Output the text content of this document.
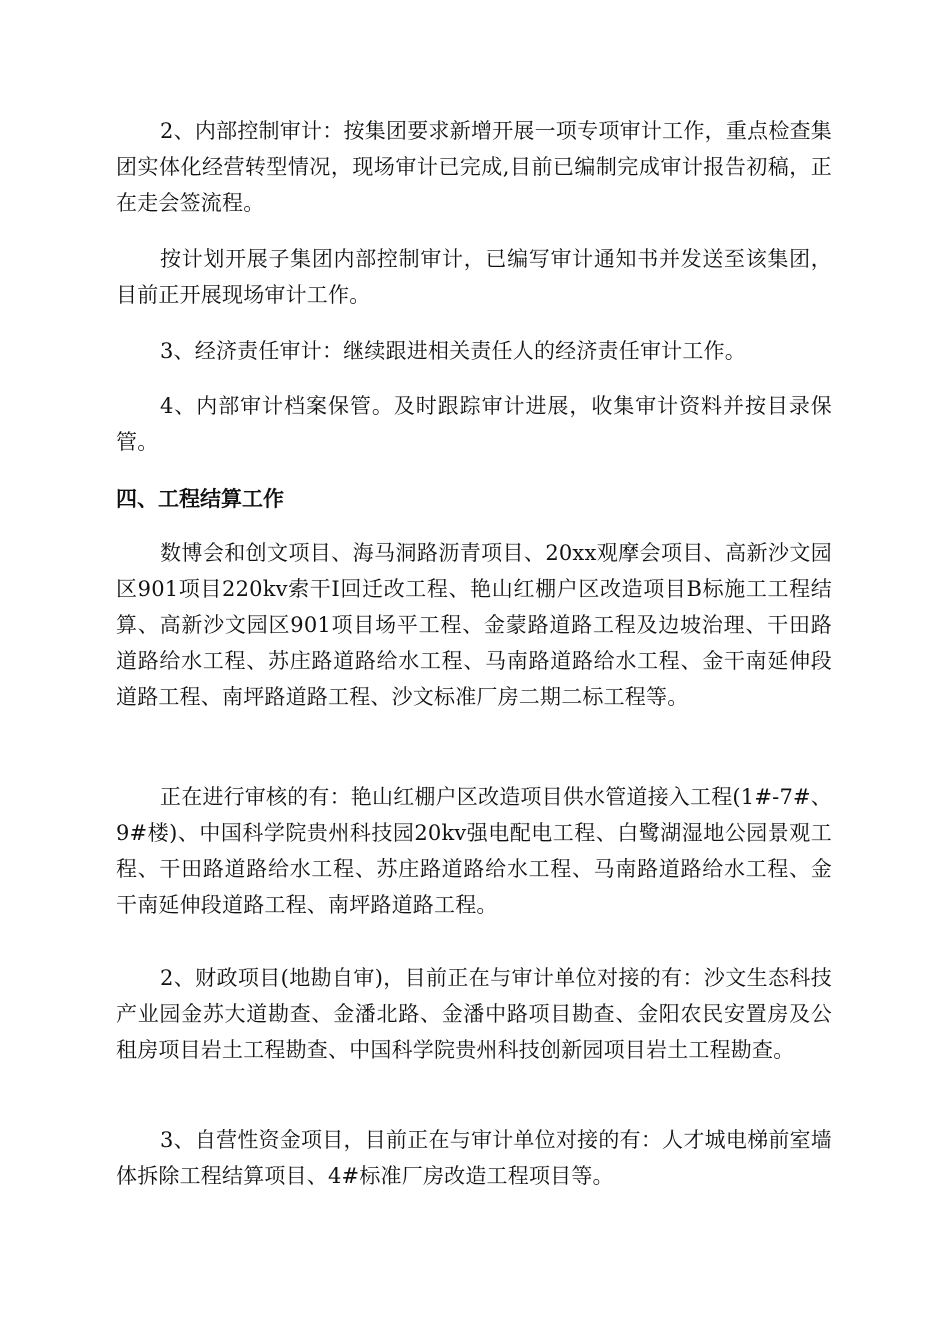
2、内部控制审计：按集团要求新增开展一项专项审计工作，重点检查集团实体化经营转型情况，现场审计已完成,目前已编制完成审计报告初稿，正在走会签流程。

按计划开展子集团内部控制审计，已编写审计通知书并发送至该集团，目前正开展现场审计工作。

3、经济责任审计：继续跟进相关责任人的经济责任审计工作。

4、内部审计档案保管。及时跟踪审计进展，收集审计资料并按目录保管。

四、工程结算工作

数博会和创文项目、海马洞路沥青项目、20xx观摩会项目、高新沙文园区901项目220kv索干Ⅰ回迁改工程、艳山红棚户区改造项目B标施工工程结算、高新沙文园区901项目场平工程、金蒙路道路工程及边坡治理、干田路道路给水工程、苏庄路道路给水工程、马南路道路给水工程、金干南延伸段道路工程、南坪路道路工程、沙文标准厂房二期二标工程等。

正在进行审核的有：艳山红棚户区改造项目供水管道接入工程(1#-7#、9#楼)、中国科学院贵州科技园20kv强电配电工程、白鹭湖湿地公园景观工程、干田路道路给水工程、苏庄路道路给水工程、马南路道路给水工程、金干南延伸段道路工程、南坪路道路工程。

2、财政项目(地勘自审)，目前正在与审计单位对接的有：沙文生态科技产业园金苏大道勘查、金潘北路、金潘中路项目勘查、金阳农民安置房及公租房项目岩土工程勘查、中国科学院贵州科技创新园项目岩土工程勘查。

3、自营性资金项目，目前正在与审计单位对接的有：人才城电梯前室墙体拆除工程结算项目、4#标准厂房改造工程项目等。
